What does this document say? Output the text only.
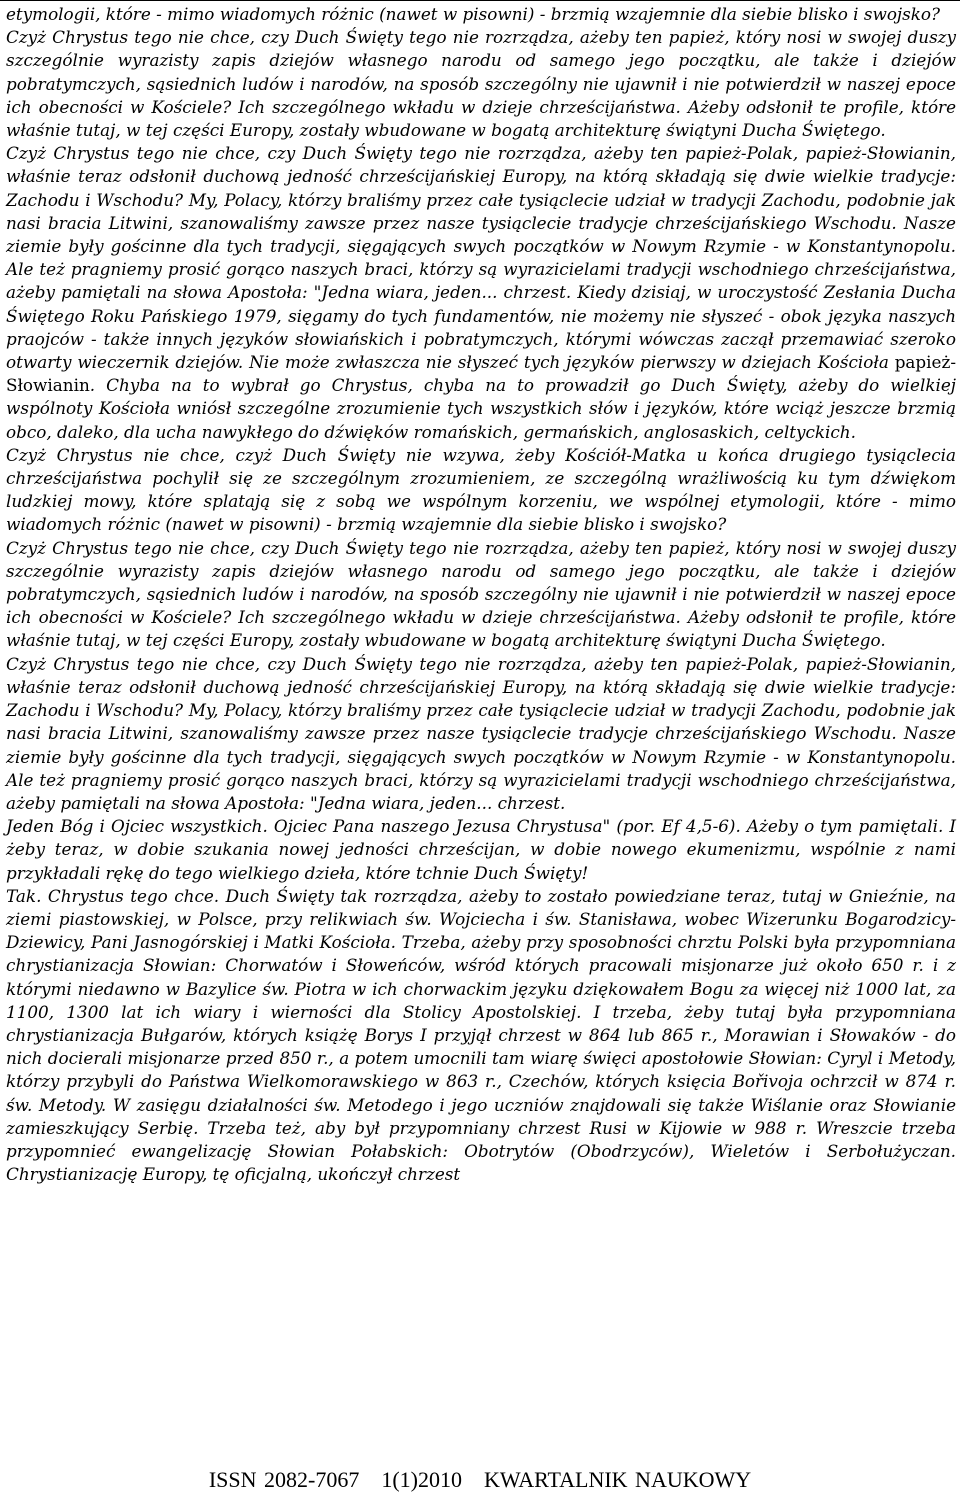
etymologii, które - mimo wiadomych różnic (nawet w pisowni) - brzmią wzajemnie dla siebie blisko i swojsko?

Czyż Chrystus tego nie chce, czy Duch Święty tego nie rozrządza, ażeby ten papież, który nosi w swojej duszy szczególnie wyrazisty zapis dziejów własnego narodu od samego jego początku, ale także i dziejów pobratymczych, sąsiednich ludów i narodów, na sposób szczególny nie ujawnił i nie potwierdził w naszej epoce ich obecności w Kościele? Ich szczególnego wkładu w dzieje chrześcijaństwa. Ażeby odsłonił te profile, które właśnie tutaj, w tej części Europy, zostały wbudowane w bogatą architekturę świątyni Ducha Świętego.

Czyż Chrystus tego nie chce, czy Duch Święty tego nie rozrządza, ażeby ten papież-Polak, papież-Słowianin, właśnie teraz odsłonił duchową jedność chrześcijańskiej Europy, na którą składają się dwie wielkie tradycje: Zachodu i Wschodu? My, Polacy, którzy braliśmy przez całe tysiąclecie udział w tradycji Zachodu, podobnie jak nasi bracia Litwini, szanowaliśmy zawsze przez nasze tysiąclecie tradycje chrześcijańskiego Wschodu. Nasze ziemie były gościnne dla tych tradycji, sięgających swych początków w Nowym Rzymie - w Konstantynopolu. Ale też pragniemy prosić gorąco naszych braci, którzy są wyrazicielami tradycji wschodniego chrześcijaństwa, ażeby pamiętali na słowa Apostoła: "Jedna wiara, jeden... chrzest. Kiedy dzisiaj, w uroczystość Zesłania Ducha Świętego Roku Pańskiego 1979, sięgamy do tych fundamentów, nie możemy nie słyszeć - obok języka naszych praojców - także innych języków słowiańskich i pobratymczych, którymi wówczas zaczął przemawiać szeroko otwarty wieczernik dziejów. Nie może zwłaszcza nie słyszeć tych języków pierwszy w dziejach Kościoła papież-Słowianin. Chyba na to wybrał go Chrystus, chyba na to prowadził go Duch Święty, ażeby do wielkiej wspólnoty Kościoła wniósł szczególne zrozumienie tych wszystkich słów i języków, które wciąż jeszcze brzmią obco, daleko, dla ucha nawykłego do dźwięków romańskich, germańskich, anglosaskich, celtyckich.

Czyż Chrystus nie chce, czyż Duch Święty nie wzywa, żeby Kościół-Matka u końca drugiego tysiąclecia chrześcijaństwa pochylił się ze szczególnym zrozumieniem, ze szczególną wrażliwością ku tym dźwiękom ludzkiej mowy, które splatają się z sobą we wspólnym korzeniu, we wspólnej etymologii, które - mimo wiadomych różnic (nawet w pisowni) - brzmią wzajemnie dla siebie blisko i swojsko?

Czyż Chrystus tego nie chce, czy Duch Święty tego nie rozrządza, ażeby ten papież, który nosi w swojej duszy szczególnie wyrazisty zapis dziejów własnego narodu od samego jego początku, ale także i dziejów pobratymczych, sąsiednich ludów i narodów, na sposób szczególny nie ujawnił i nie potwierdził w naszej epoce ich obecności w Kościele? Ich szczególnego wkładu w dzieje chrześcijaństwa. Ażeby odsłonił te profile, które właśnie tutaj, w tej części Europy, zostały wbudowane w bogatą architekturę świątyni Ducha Świętego.

Czyż Chrystus tego nie chce, czy Duch Święty tego nie rozrządza, ażeby ten papież-Polak, papież-Słowianin, właśnie teraz odsłonił duchową jedność chrześcijańskiej Europy, na którą składają się dwie wielkie tradycje: Zachodu i Wschodu? My, Polacy, którzy braliśmy przez całe tysiąclecie udział w tradycji Zachodu, podobnie jak nasi bracia Litwini, szanowaliśmy zawsze przez nasze tysiąclecie tradycje chrześcijańskiego Wschodu. Nasze ziemie były gościnne dla tych tradycji, sięgających swych początków w Nowym Rzymie - w Konstantynopolu. Ale też pragniemy prosić gorąco naszych braci, którzy są wyrazicielami tradycji wschodniego chrześcijaństwa, ażeby pamiętali na słowa Apostoła: "Jedna wiara, jeden... chrzest.

Jeden Bóg i Ojciec wszystkich. Ojciec Pana naszego Jezusa Chrystusa" (por. Ef 4,5-6). Ażeby o tym pamiętali. I żeby teraz, w dobie szukania nowej jedności chrześcijan, w dobie nowego ekumenizmu, wspólnie z nami przykładali rękę do tego wielkiego dzieła, które tchnie Duch Święty!

Tak. Chrystus tego chce. Duch Święty tak rozrządza, ażeby to zostało powiedziane teraz, tutaj w Gnieźnie, na ziemi piastowskiej, w Polsce, przy relikwiach św. Wojciecha i św. Stanisława, wobec Wizerunku Bogarodzicy-Dziewicy, Pani Jasnogórskiej i Matki Kościoła. Trzeba, ażeby przy sposobności chrztu Polski była przypomniana chrystianizacja Słowian: Chorwatów i Słoweńców, wśród których pracowali misjonarze już około 650 r. i z którymi niedawno w Bazylice św. Piotra w ich chorwackim języku dziękowałem Bogu za więcej niż 1000 lat, za 1100, 1300 lat ich wiary i wierności dla Stolicy Apostolskiej. I trzeba, żeby tutaj była przypomniana chrystianizacja Bułgarów, których książę Borys I przyjął chrzest w 864 lub 865 r., Morawian i Słowaków - do nich docierali misjonarze przed 850 r., a potem umocnili tam wiarę święci apostołowie Słowian: Cyryl i Metody, którzy przybyli do Państwa Wielkomorawskiego w 863 r., Czechów, których księcia Bořivoja ochrzcił w 874 r. św. Metody. W zasięgu działalności św. Metodego i jego uczniów znajdowali się także Wiślanie oraz Słowianie zamieszkujący Serbię. Trzeba też, aby był przypomniany chrzest Rusi w Kijowie w 988 r. Wreszcie trzeba przypomnieć ewangelizację Słowian Połabskich: Obotrytów (Obodrzyców), Wieletów i Serbołużyczan. Chrystianizację Europy, tę oficjalną, ukończył chrzest

ISSN 2082-7067 1(1)2010 KWARTALNIK NAUKOWY
